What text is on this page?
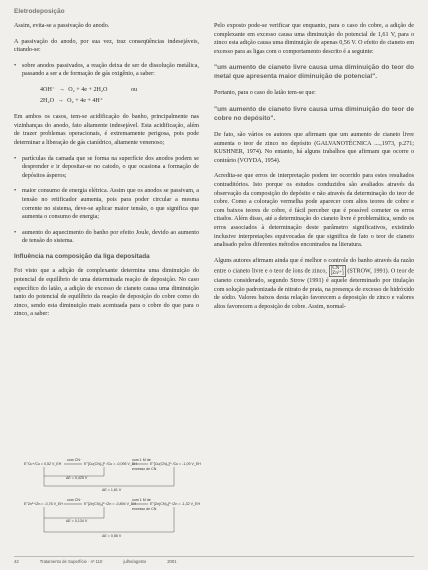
Eletrodeposição

Assim, evita-se a passivação do anodo.

A passivação do anodo, por sua vez, traz conseqüências indesejáveis, citando-se:

• sobre anodos passivados, a reação deixa de ser de dissolução metálica, passando a ser a de formação de gás oxigênio, a saber:
4OH⁻ → O₂ + 4e + 2H₂O	ou
2H₂O → O₂ + 4e + 4H⁺

Em ambos os casos, tem-se acidificação do banho, principalmente nas vizinhanças do anodo, fato altamente indesejável. Esta acidificação, além de trazer problemas operacionais, é extremamente perigosa, pois pode determinar a liberação de gás cianídrico, altamente venenoso;

• partículas da camada que se forma na superfície dos anodos podem se desprender e ir depositar-se no catodo, o que ocasiona a formação de depósitos ásperos;
• maior consumo de energia elétrica. Assim que os anodos se passivam, a tensão no retificador aumenta, pois para poder circular a mesma corrente no sistema, deve-se aplicar maior tensão, o que significa que aumenta o consumo de energia;
• aumento do aquecimento do banho por efeito Joule, devido ao aumento de tensão do sistema.
Influência na composição da liga depositada

Foi visto que a adição de complexante determina uma diminuição do potencial de equilíbrio de uma determinada reação de deposição. No caso específico do latão, a adição de excesso de cianeto causa uma diminuição tanto do potencial de equilíbrio da reação de deposição do cobre como do zinco, sendo esta diminuição mais acentuada para o cobre do que para o zinco, a saber:

E°Cu⁺/Cu = 0,52 V_EH
com CN⁻
E°[Cu(CN)₃]²⁻/Cu = -0,095 V_EH
com 1 M de
excesso de CN
E°[Cu(CN)₃]²⁻/Cu = -1,09 V_EH
ΔE = 0,425 V
ΔE = 1,61 V
E°Zn²⁺/Zn = -0,76 V_EH
com CN⁻
E°[Zn(CN)₄]²⁻/Zn = -0,894 V_EH
com 1 M de
excesso de CN
E°[Zn(CN)₄]²⁻/Zn = -1,32 V_EH
ΔE = 0,134 V
ΔE = 0,56 V

Pelo exposto pode-se verificar que enquanto, para o caso do cobre, a adição de complexante em excesso causa uma diminuição do potencial de 1,61 V, para o zinco esta adição causa uma diminuição de apenas 0,56 V. O efeito do cianeto em excesso para as ligas com o comportamento descrito é a seguinte:

"um aumento de cianeto livre causa uma diminuição do teor do metal que apresenta maior diminuição de potencial".

Portanto, para o caso do latão tem-se que:

"um aumento de cianeto livre causa uma diminuição do teor de cobre no depósito".

De fato, são vários os autores que afirmam que um aumento de cianeto livre aumenta o teor de zinco no depósito (GALVANOTÉCNICA ....,1973, p.271; KUSHNER, 1974). No entanto, há alguns trabalhos que afirmam que ocorre o contrário (VOYDA, 1954).

Acredita-se que erros de interpretação podem ter ocorrido para estes resultados contraditórios. Isto porque os estudos conduzidos são avaliados através da observação da composição do depósito e não através da determinação do teor de cobre. Como a coloração vermelha pode aparecer com altos teores de cobre e com baixos teores de cobre, é fácil perceber que é possível cometer os erros citados. Além disso, até a determinação do cianeto livre é problemática, sendo os erros associados à determinação deste parâmetro significativos, existindo inclusive interpretações equivocadas de que significa de fato o teor de cianeto analisado pelos diferentes métodos encontrados na literatura.

Alguns autores afirmam ainda que é melhor o controle do banho através da razão entre o cianeto livre e o teor de íons de zinco, [CN⁻]
[Zn²⁺] (STROW, 1991). O teor de cianeto considerado, segundo Strow (1991) é aquele determinado por titulação com solução padronizada de nitrato de prata, na presença de excesso de hidróxido de sódio. Valores baixos desta relação favorecem a deposição de zinco e valores altos favorecem a deposição de cobre. Assim, normal-

42	Tratamento de Superfície · nº 110	julho/agosto	2001
